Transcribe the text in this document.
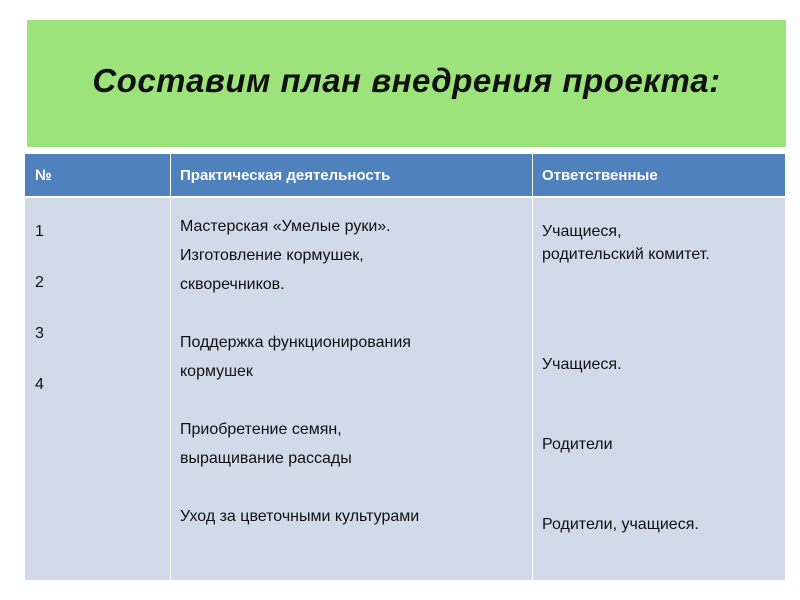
Составим план внедрения проекта:
№	Практическая деятельность	Ответственные
1
2
3
4
Мастерская «Умелые руки».
Изготовление кормушек,
скворечников.
Поддержка функционирования
кормушек
Приобретение семян,
выращивание рассады
Уход за цветочными культурами
Учащиеся,
родительский комитет.
Учащиеся.
Родители
Родители, учащиеся.
